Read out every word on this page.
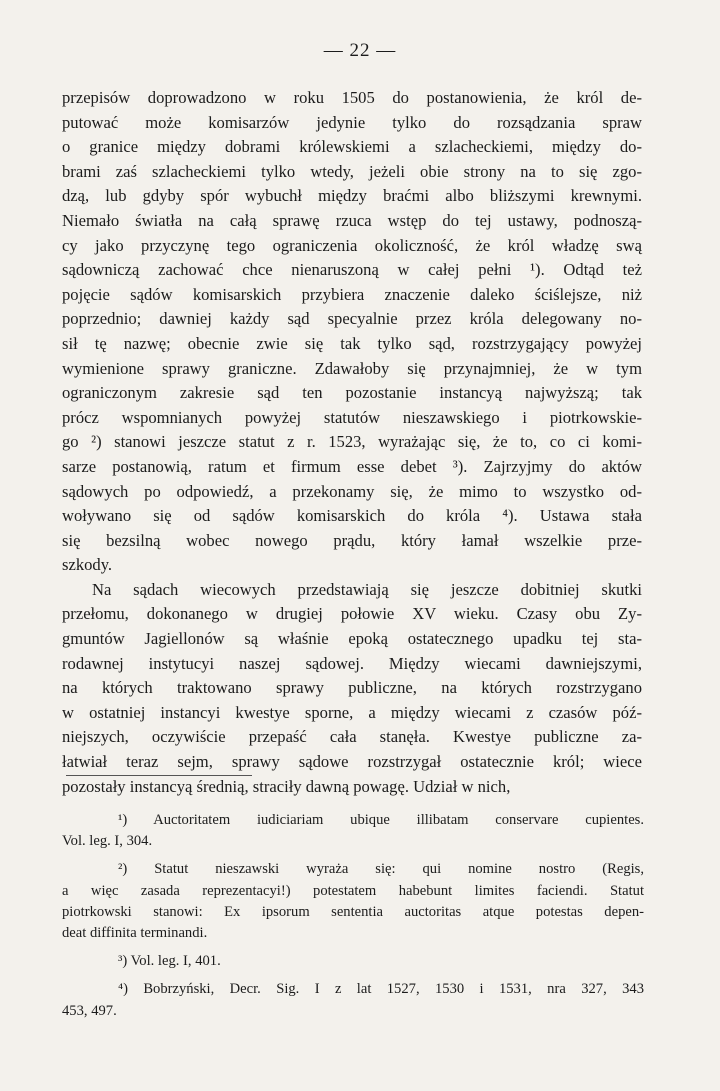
— 22 —
przepisów doprowadzono w roku 1505 do postanowienia, że król de-
putować może komisarzów jedynie tylko do rozsądzania spraw
o granice między dobrami królewskiemi a szlacheckiemi, między do-
brami zaś szlacheckiemi tylko wtedy, jeżeli obie strony na to się zgo-
dzą, lub gdyby spór wybuchł między braćmi albo bliższymi krewnymi.
Niemało światła na całą sprawę rzuca wstęp do tej ustawy, podnoszą-
cy jako przyczynę tego ograniczenia okoliczność, że król władzę swą
sądowniczą zachować chce nienaruszoną w całej pełni ¹). Odtąd też
pojęcie sądów komisarskich przybiera znaczenie daleko ściślejsze, niż
poprzednio; dawniej każdy sąd specyalnie przez króla delegowany no-
sił tę nazwę; obecnie zwie się tak tylko sąd, rozstrzygający powyżej
wymienione sprawy graniczne. Zdawałoby się przynajmniej, że w tym
ograniczonym zakresie sąd ten pozostanie instancyą najwyższą; tak
prócz wspomnianych powyżej statutów nieszawskiego i piotrkowskie-
go ²) stanowi jeszcze statut z r. 1523, wyrażając się, że to, co ci komi-
sarze postanowią, ratum et firmum esse debet ³). Zajrzyjmy do aktów
sądowych po odpowiedź, a przekonamy się, że mimo to wszystko od-
woływano się od sądów komisarskich do króla ⁴). Ustawa stała
się bezsilną wobec nowego prądu, który łamał wszelkie prze-
szkody.
Na sądach wiecowych przedstawiają się jeszcze dobitniej skutki
przełomu, dokonanego w drugiej połowie XV wieku. Czasy obu Zy-
gmuntów Jagiellonów są właśnie epoką ostatecznego upadku tej sta-
rodawnej instytucyi naszej sądowej. Między wiecami dawniejszymi,
na których traktowano sprawy publiczne, na których rozstrzygano
w ostatniej instancyi kwestye sporne, a między wiecami z czasów póź-
niejszych, oczywiście przepaść cała stanęła. Kwestye publiczne za-
łatwiał teraz sejm, sprawy sądowe rozstrzygał ostatecznie król; wiece
pozostały instancyą średnią, straciły dawną powagę. Udział w nich,
¹) Auctoritatem iudiciariam ubique illibatam conservare cupientes.
Vol. leg. I, 304.
²) Statut nieszawski wyraża się: qui nomine nostro (Regis,
a więc zasada reprezentacyi!) potestatem habebunt limites faciendi. Statut
piotrkowski stanowi: Ex ipsorum sententia auctoritas atque potestas depen-
deat diffinita terminandi.
³) Vol. leg. I, 401.
⁴) Bobrzyński, Decr. Sig. I z lat 1527, 1530 i 1531, nra 327, 343
453, 497.
